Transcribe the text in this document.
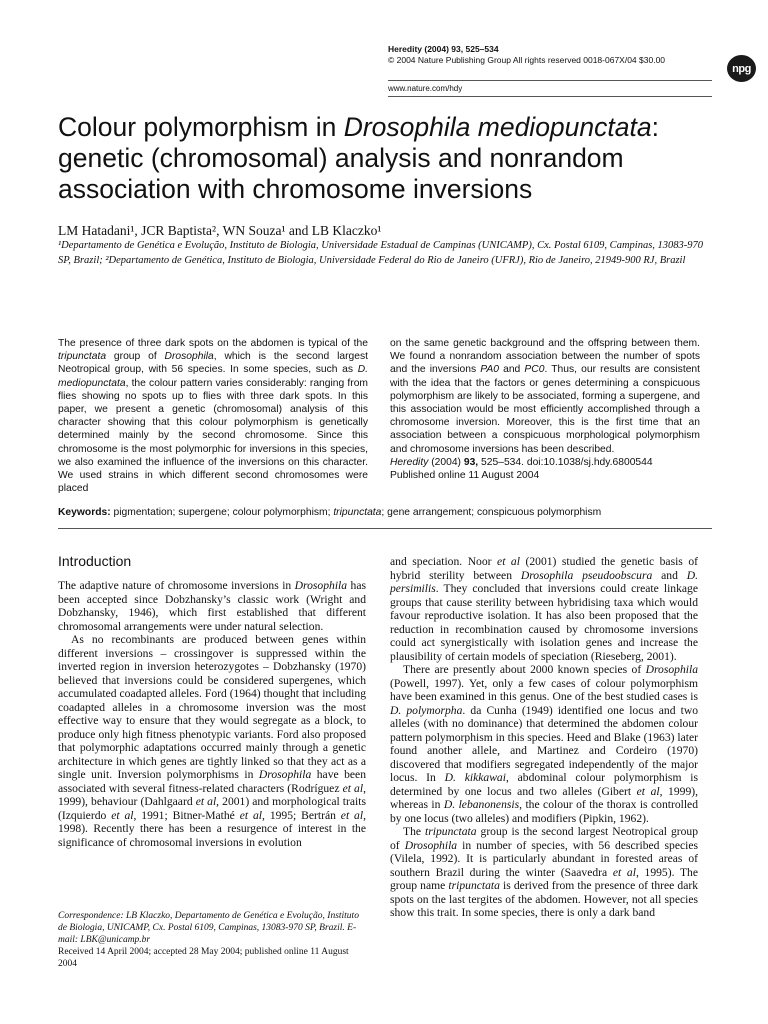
Heredity (2004) 93, 525–534
© 2004 Nature Publishing Group All rights reserved 0018-067X/04 $30.00
www.nature.com/hdy
npg
Colour polymorphism in Drosophila mediopunctata:
genetic (chromosomal) analysis and nonrandom
association with chromosome inversions
LM Hatadani¹, JCR Baptista², WN Souza¹ and LB Klaczko¹
¹Departamento de Genética e Evolução, Instituto de Biologia, Universidade Estadual de Campinas (UNICAMP), Cx. Postal 6109, Campinas, 13083-970 SP, Brazil; ²Departamento de Genética, Instituto de Biologia, Universidade Federal do Rio de Janeiro (UFRJ), Rio de Janeiro, 21949-900 RJ, Brazil
The presence of three dark spots on the abdomen is typical of the tripunctata group of Drosophila, which is the second largest Neotropical group, with 56 species. In some species, such as D. mediopunctata, the colour pattern varies considerably: ranging from flies showing no spots up to flies with three dark spots. In this paper, we present a genetic (chromosomal) analysis of this character showing that this colour polymorphism is genetically determined mainly by the second chromosome. Since this chromosome is the most polymorphic for inversions in this species, we also examined the influence of the inversions on this character. We used strains in which different second chromosomes were placed
on the same genetic background and the offspring between them. We found a nonrandom association between the number of spots and the inversions PA0 and PC0. Thus, our results are consistent with the idea that the factors or genes determining a conspicuous polymorphism are likely to be associated, forming a supergene, and this association would be most efficiently accomplished through a chromosome inversion. Moreover, this is the first time that an association between a conspicuous morphological polymorphism and chromosome inversions has been described.
Heredity (2004) 93, 525–534. doi:10.1038/sj.hdy.6800544
Published online 11 August 2004
Keywords: pigmentation; supergene; colour polymorphism; tripunctata; gene arrangement; conspicuous polymorphism
Introduction

The adaptive nature of chromosome inversions in Drosophila has been accepted since Dobzhansky’s classic work (Wright and Dobzhansky, 1946), which first established that different chromosomal arrangements were under natural selection.

As no recombinants are produced between genes within different inversions – crossingover is suppressed within the inverted region in inversion heterozygotes – Dobzhansky (1970) believed that inversions could be considered supergenes, which accumulated coadapted alleles. Ford (1964) thought that including coadapted alleles in a chromosome inversion was the most effective way to ensure that they would segregate as a block, to produce only high fitness phenotypic variants. Ford also proposed that polymorphic adaptations occurred mainly through a genetic architecture in which genes are tightly linked so that they act as a single unit. Inversion polymorphisms in Drosophila have been associated with several fitness-related characters (Rodríguez et al, 1999), behaviour (Dahlgaard et al, 2001) and morphological traits (Izquierdo et al, 1991; Bitner-Mathé et al, 1995; Bertrán et al, 1998). Recently there has been a resurgence of interest in the significance of chromosomal inversions in evolution

and speciation. Noor et al (2001) studied the genetic basis of hybrid sterility between Drosophila pseudoobscura and D. persimilis. They concluded that inversions could create linkage groups that cause sterility between hybridising taxa which would favour reproductive isolation. It has also been proposed that the reduction in recombination caused by chromosome inversions could act synergistically with isolation genes and increase the plausibility of certain models of speciation (Rieseberg, 2001).

There are presently about 2000 known species of Drosophila (Powell, 1997). Yet, only a few cases of colour polymorphism have been examined in this genus. One of the best studied cases is D. polymorpha. da Cunha (1949) identified one locus and two alleles (with no dominance) that determined the abdomen colour pattern polymorphism in this species. Heed and Blake (1963) later found another allele, and Martinez and Cordeiro (1970) discovered that modifiers segregated independently of the major locus. In D. kikkawai, abdominal colour polymorphism is determined by one locus and two alleles (Gibert et al, 1999), whereas in D. lebanonensis, the colour of the thorax is controlled by one locus (two alleles) and modifiers (Pipkin, 1962).

The tripunctata group is the second largest Neotropical group of Drosophila in number of species, with 56 described species (Vilela, 1992). It is particularly abundant in forested areas of southern Brazil during the winter (Saavedra et al, 1995). The group name tripunctata is derived from the presence of three dark spots on the last tergites of the abdomen. However, not all species show this trait. In some species, there is only a dark band

Correspondence: LB Klaczko, Departamento de Genética e Evolução, Instituto de Biologia, UNICAMP, Cx. Postal 6109, Campinas, 13083-970 SP, Brazil. E-mail: LBK@unicamp.br
Received 14 April 2004; accepted 28 May 2004; published online 11 August 2004
